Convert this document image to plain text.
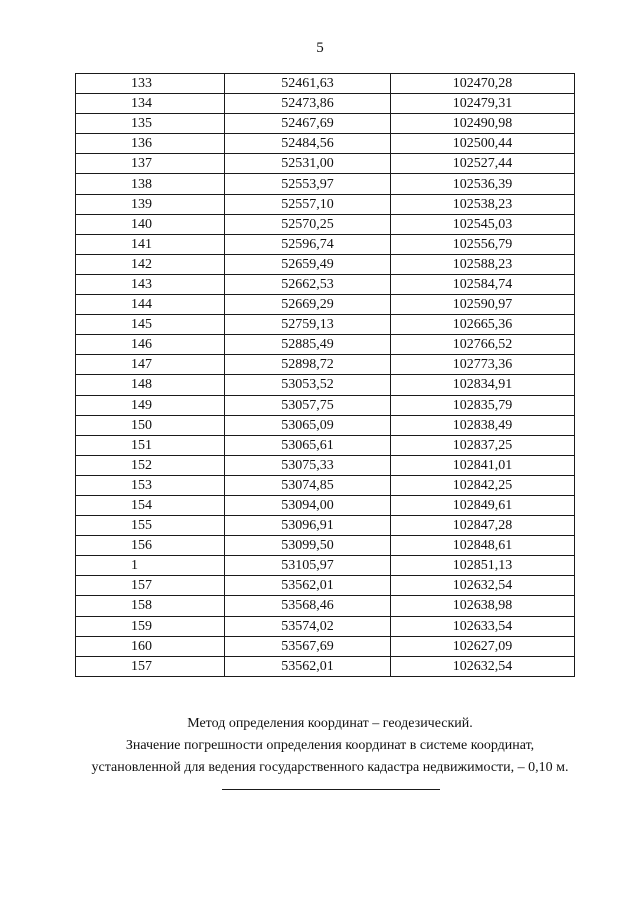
5
133	52461,63	102470,28
134	52473,86	102479,31
135	52467,69	102490,98
136	52484,56	102500,44
137	52531,00	102527,44
138	52553,97	102536,39
139	52557,10	102538,23
140	52570,25	102545,03
141	52596,74	102556,79
142	52659,49	102588,23
143	52662,53	102584,74
144	52669,29	102590,97
145	52759,13	102665,36
146	52885,49	102766,52
147	52898,72	102773,36
148	53053,52	102834,91
149	53057,75	102835,79
150	53065,09	102838,49
151	53065,61	102837,25
152	53075,33	102841,01
153	53074,85	102842,25
154	53094,00	102849,61
155	53096,91	102847,28
156	53099,50	102848,61
1	53105,97	102851,13
157	53562,01	102632,54
158	53568,46	102638,98
159	53574,02	102633,54
160	53567,69	102627,09
157	53562,01	102632,54

Метод определения координат – геодезический.

Значение погрешности определения координат в системе координат,

установленной для ведения государственного кадастра недвижимости, – 0,10 м.
